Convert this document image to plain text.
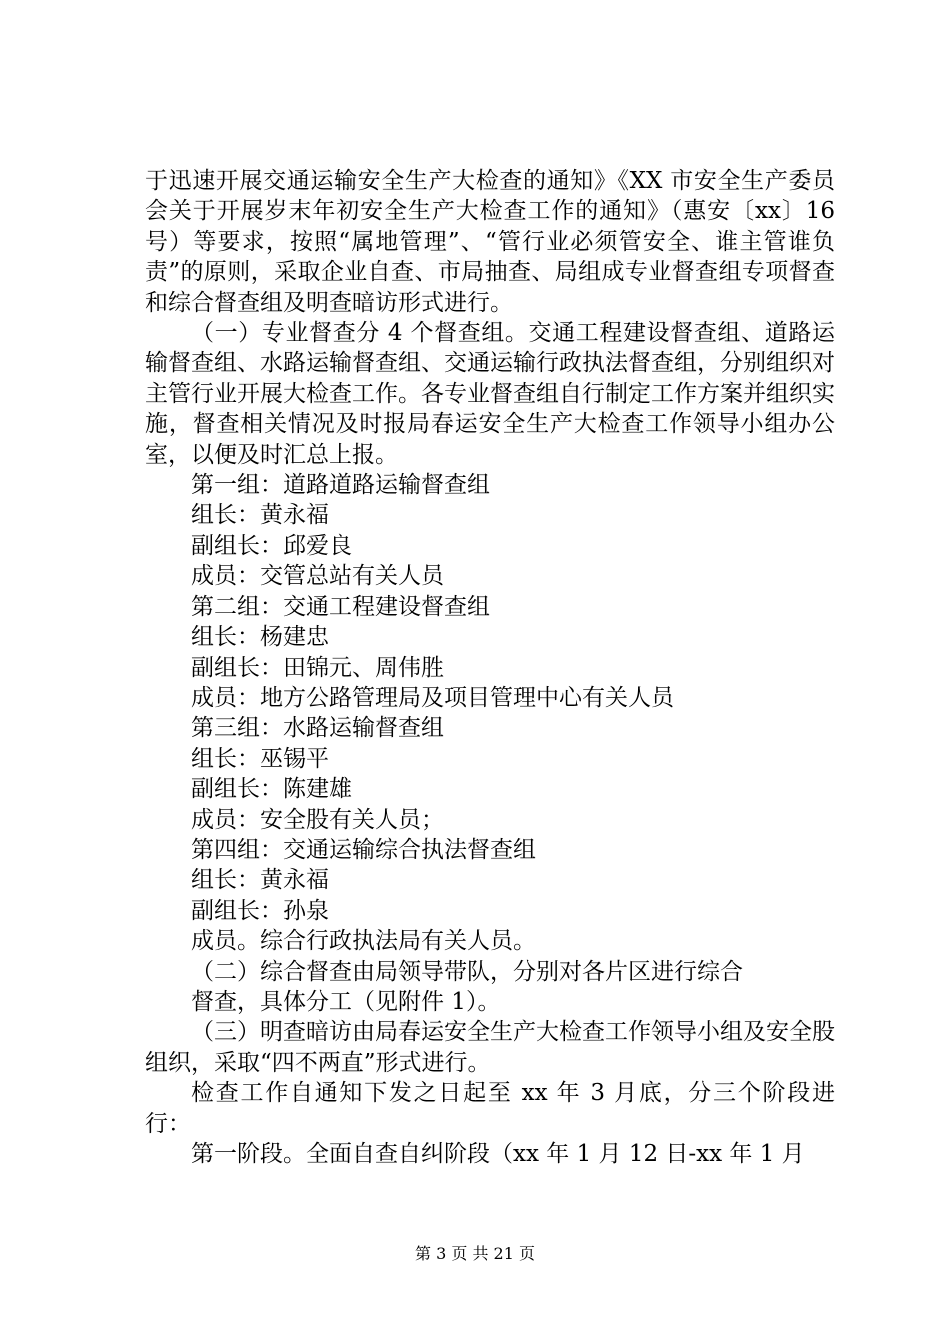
于迅速开展交通运输安全生产大检查的通知》《XX 市安全生产委员会关于开展岁末年初安全生产大检查工作的通知》（惠安〔xx〕16 号）等要求，按照“属地管理”、“管行业必须管安全、谁主管谁负责”的原则，采取企业自查、市局抽查、局组成专业督查组专项督查和综合督查组及明查暗访形式进行。

（一）专业督查分 4 个督查组。交通工程建设督查组、道路运输督查组、水路运输督查组、交通运输行政执法督查组，分别组织对主管行业开展大检查工作。各专业督查组自行制定工作方案并组织实施，督查相关情况及时报局春运安全生产大检查工作领导小组办公室，以便及时汇总上报。

第一组：道路道路运输督查组

组长：黄永福

副组长：邱爱良

成员：交管总站有关人员

第二组：交通工程建设督查组

组长：杨建忠

副组长：田锦元、周伟胜

成员：地方公路管理局及项目管理中心有关人员

第三组：水路运输督查组

组长：巫锡平

副组长：陈建雄

成员：安全股有关人员；

第四组：交通运输综合执法督查组

组长：黄永福

副组长：孙泉

成员。综合行政执法局有关人员。

（二）综合督查由局领导带队，分别对各片区进行综合

督查，具体分工（见附件 1）。

（三）明查暗访由局春运安全生产大检查工作领导小组及安全股组织，采取“四不两直”形式进行。

检查工作自通知下发之日起至 xx 年 3 月底，分三个阶段进行：

第一阶段。全面自查自纠阶段（xx 年 1 月 12 日-xx 年 1 月

第 3 页 共 21 页
